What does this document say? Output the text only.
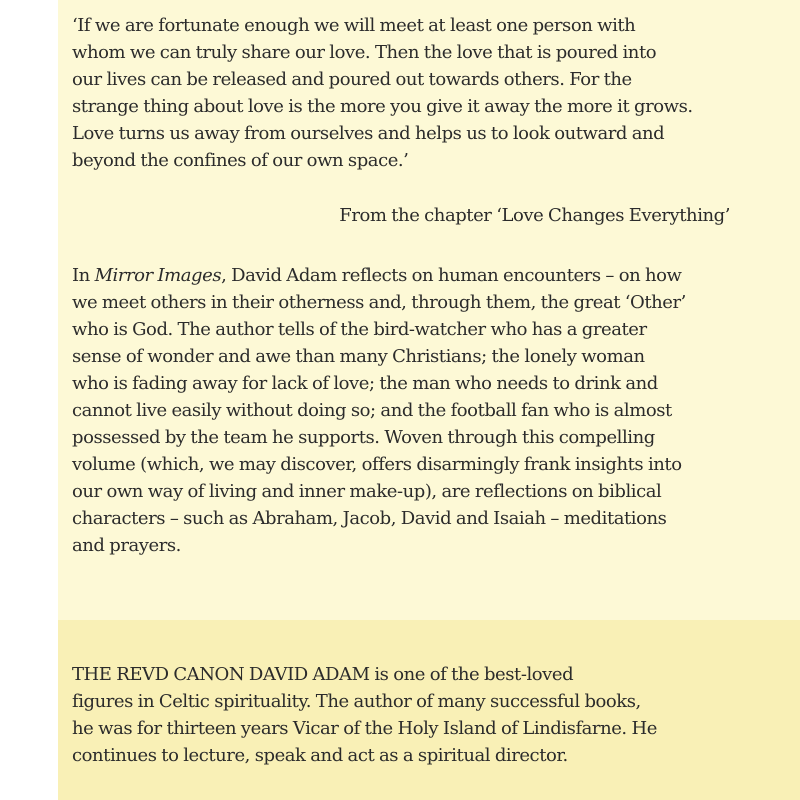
‘If we are fortunate enough we will meet at least one person with
whom we can truly share our love. Then the love that is poured into
our lives can be released and poured out towards others. For the
strange thing about love is the more you give it away the more it grows.
Love turns us away from ourselves and helps us to look outward and
beyond the confines of our own space.’
From the chapter ‘Love Changes Everything’
In Mirror Images, David Adam reflects on human encounters – on how
we meet others in their otherness and, through them, the great ‘Other’
who is God. The author tells of the bird-watcher who has a greater
sense of wonder and awe than many Christians; the lonely woman
who is fading away for lack of love; the man who needs to drink and
cannot live easily without doing so; and the football fan who is almost
possessed by the team he supports. Woven through this compelling
volume (which, we may discover, offers disarmingly frank insights into
our own way of living and inner make-up), are reflections on biblical
characters – such as Abraham, Jacob, David and Isaiah – meditations
and prayers.
THE REVD CANON DAVID ADAM is one of the best-loved
figures in Celtic spirituality. The author of many successful books,
he was for thirteen years Vicar of the Holy Island of Lindisfarne. He
continues to lecture, speak and act as a spiritual director.
